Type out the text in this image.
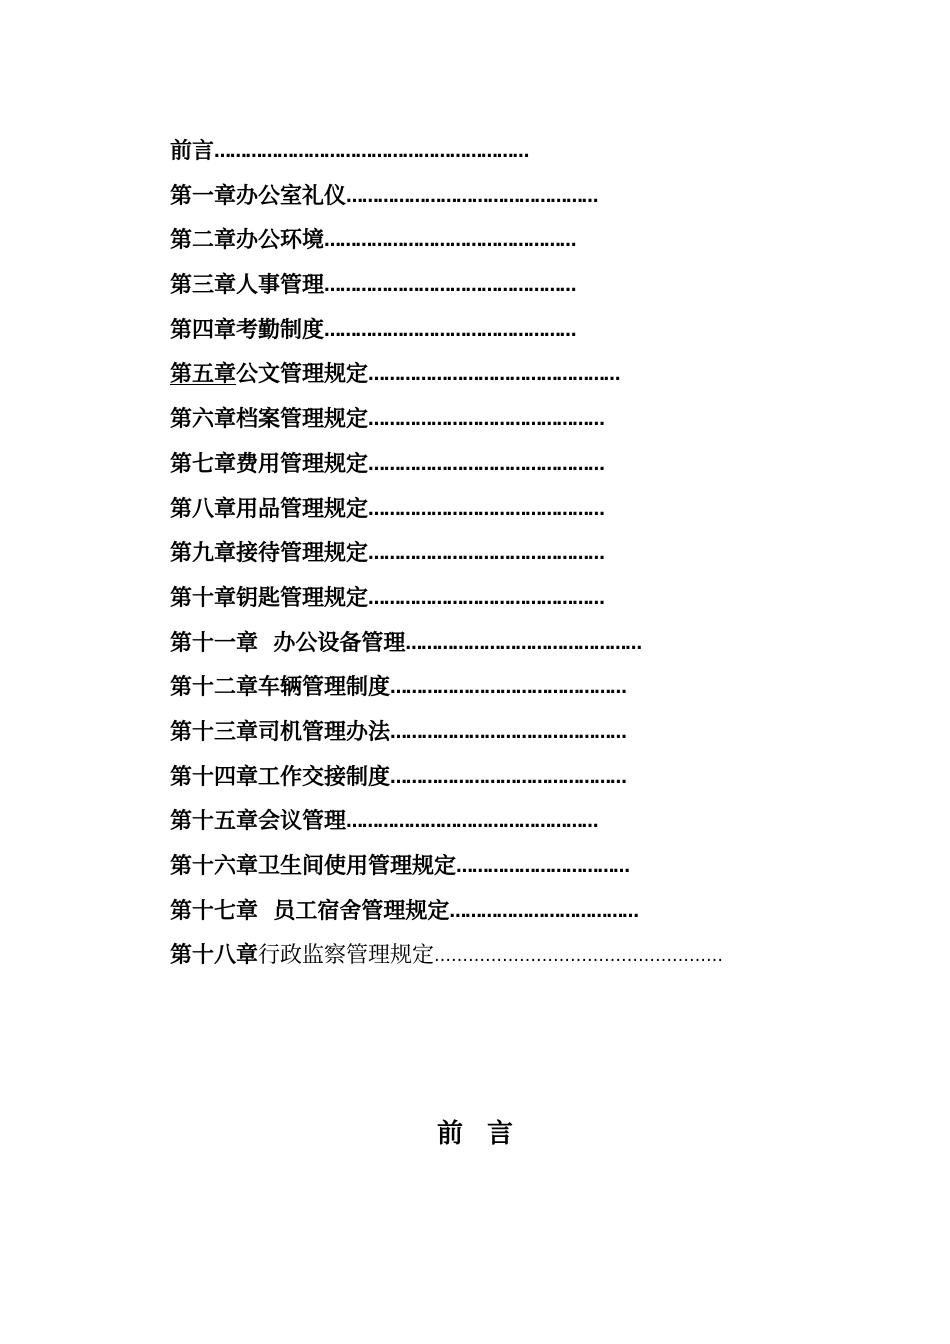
前言……………………………………………………
第一章办公室礼仪…………………………………………
第二章办公环境…………………………………………
第三章人事管理…………………………………………
第四章考勤制度…………………………………………
第五章公文管理规定…………………………………………
第六章档案管理规定………………………………………
第七章费用管理规定………………………………………
第八章用品管理规定………………………………………
第九章接待管理规定………………………………………
第十章钥匙管理规定………………………………………
第十一章  办公设备管理………………………………………
第十二章车辆管理制度………………………………………
第十三章司机管理办法………………………………………
第十四章工作交接制度………………………………………
第十五章会议管理…………………………………………
第十六章卫生间使用管理规定……………………………
第十七章  员工宿舍管理规定………………………………
第十八章行政监察管理规定……………………………………………
前言
